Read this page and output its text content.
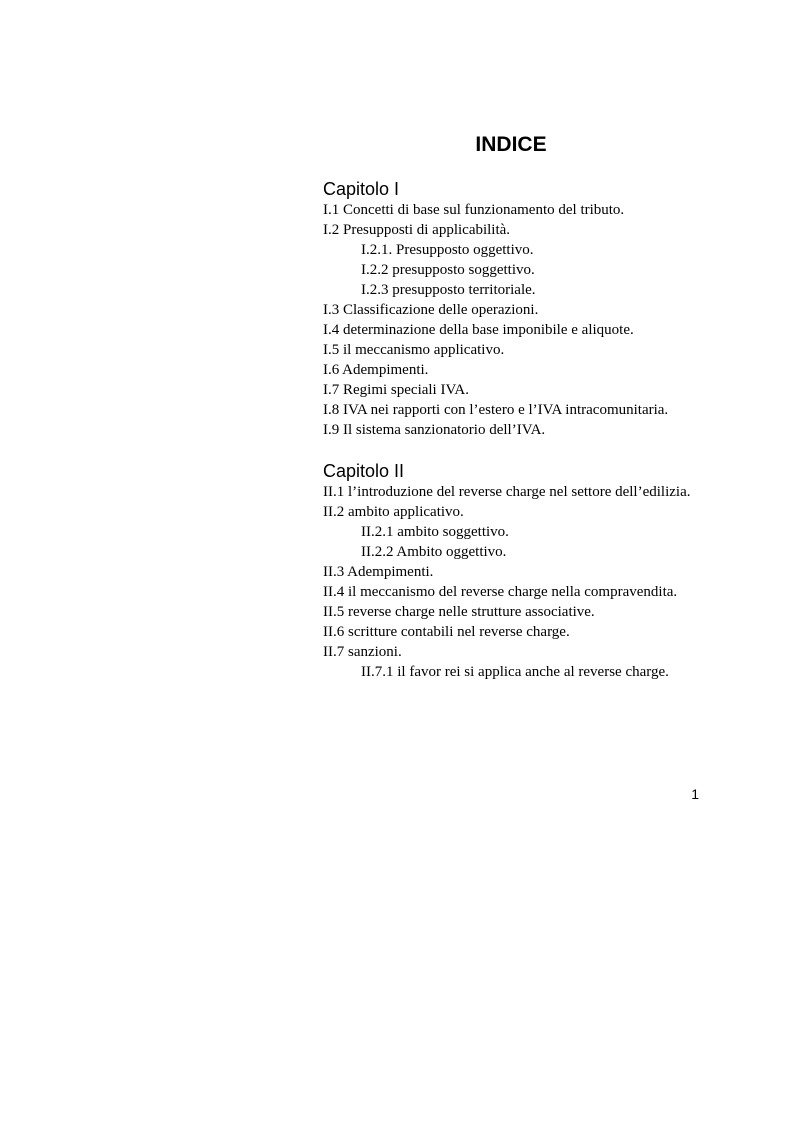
INDICE

Capitolo I

I.1 Concetti di base sul funzionamento del tributo.

I.2 Presupposti di applicabilità.

I.2.1. Presupposto oggettivo.

I.2.2 presupposto soggettivo.

I.2.3 presupposto territoriale.

I.3 Classificazione delle operazioni.

I.4 determinazione della base imponibile e aliquote.

I.5 il meccanismo applicativo.

I.6 Adempimenti.

I.7 Regimi speciali IVA.

I.8 IVA nei rapporti con l’estero e l’IVA intracomunitaria.

I.9 Il sistema sanzionatorio dell’IVA.

Capitolo II

II.1 l’introduzione del reverse charge nel settore dell’edilizia.

II.2 ambito applicativo.

II.2.1 ambito soggettivo.

II.2.2 Ambito oggettivo.

II.3 Adempimenti.

II.4 il meccanismo del reverse charge nella compravendita.

II.5 reverse charge nelle strutture associative.

II.6 scritture contabili nel reverse charge.

II.7 sanzioni.

II.7.1 il favor rei si applica anche al reverse charge.

1
